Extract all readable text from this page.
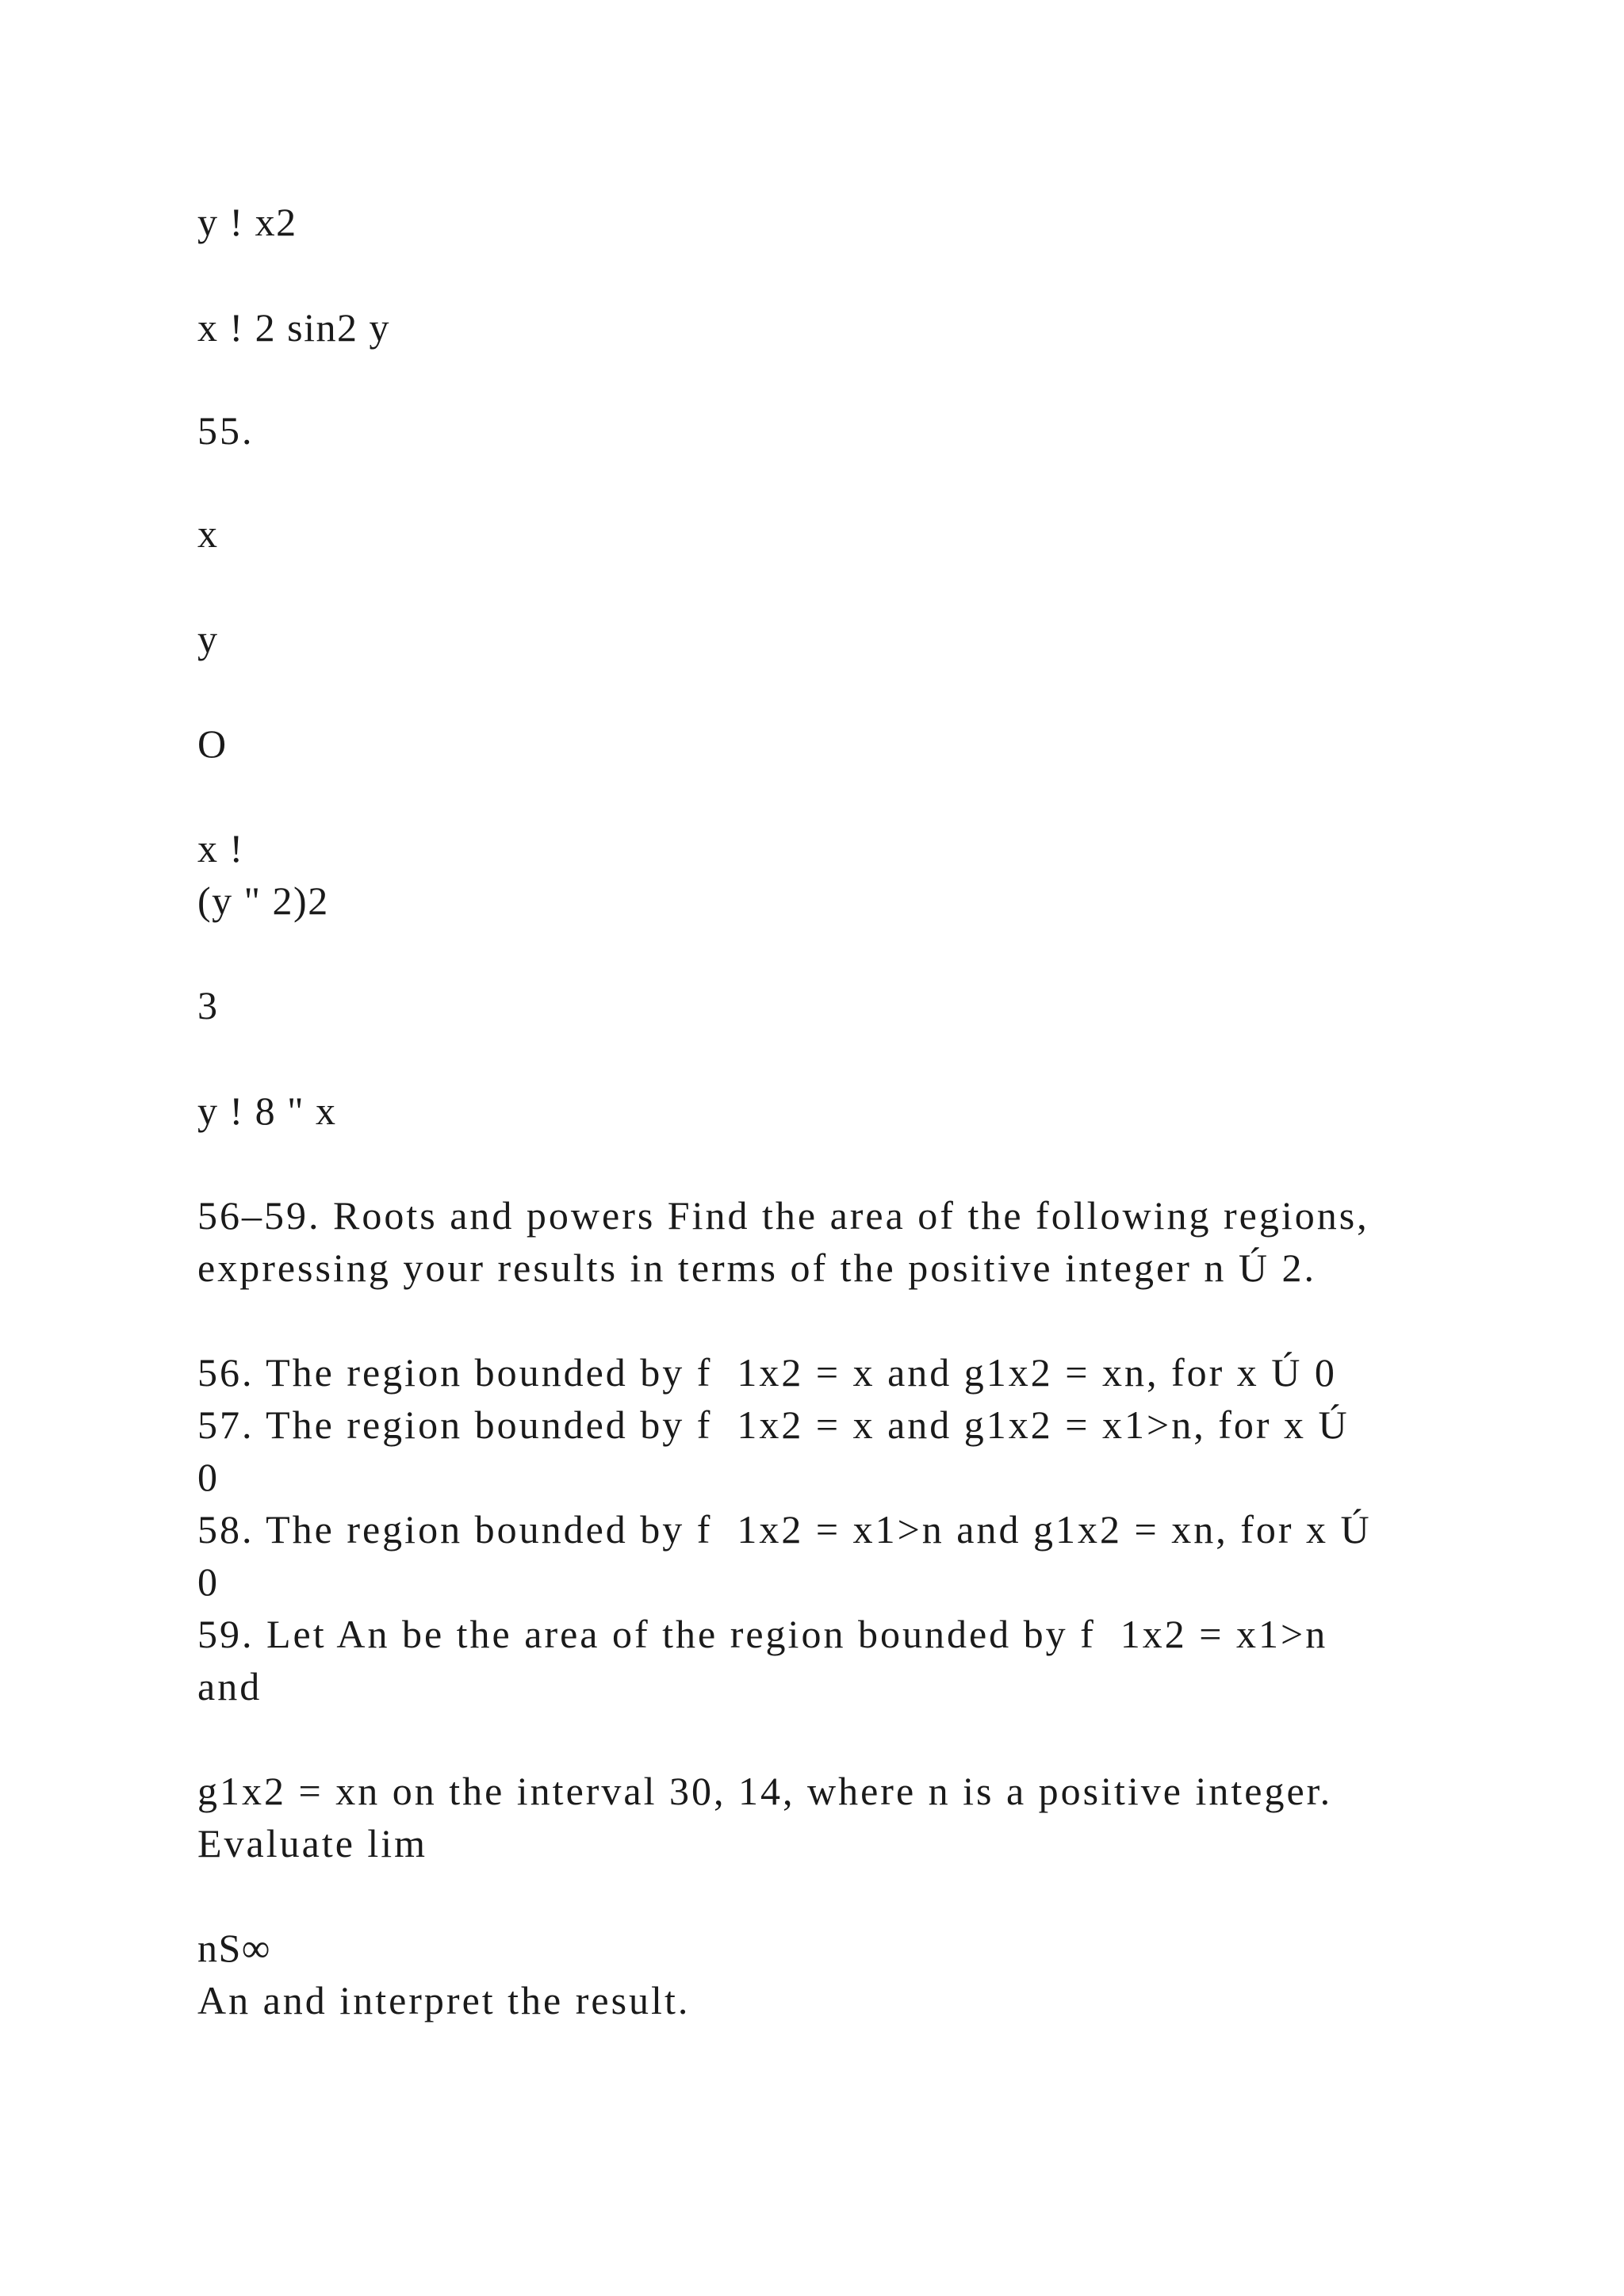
y ! x2
x ! 2 sin2 y
55.
x
y
O
x !
(y " 2)2
3
y ! 8 " x
56–59. Roots and powers Find the area of the following regions,
expressing your results in terms of the positive integer n Ú 2.
56. The region bounded by f  1x2 = x and g1x2 = xn, for x Ú 0
57. The region bounded by f  1x2 = x and g1x2 = x1>n, for x Ú
0
58. The region bounded by f  1x2 = x1>n and g1x2 = xn, for x Ú
0
59. Let An be the area of the region bounded by f  1x2 = x1>n
and
g1x2 = xn on the interval 30, 14, where n is a positive integer.
Evaluate lim
nS∞
An and interpret the result.
